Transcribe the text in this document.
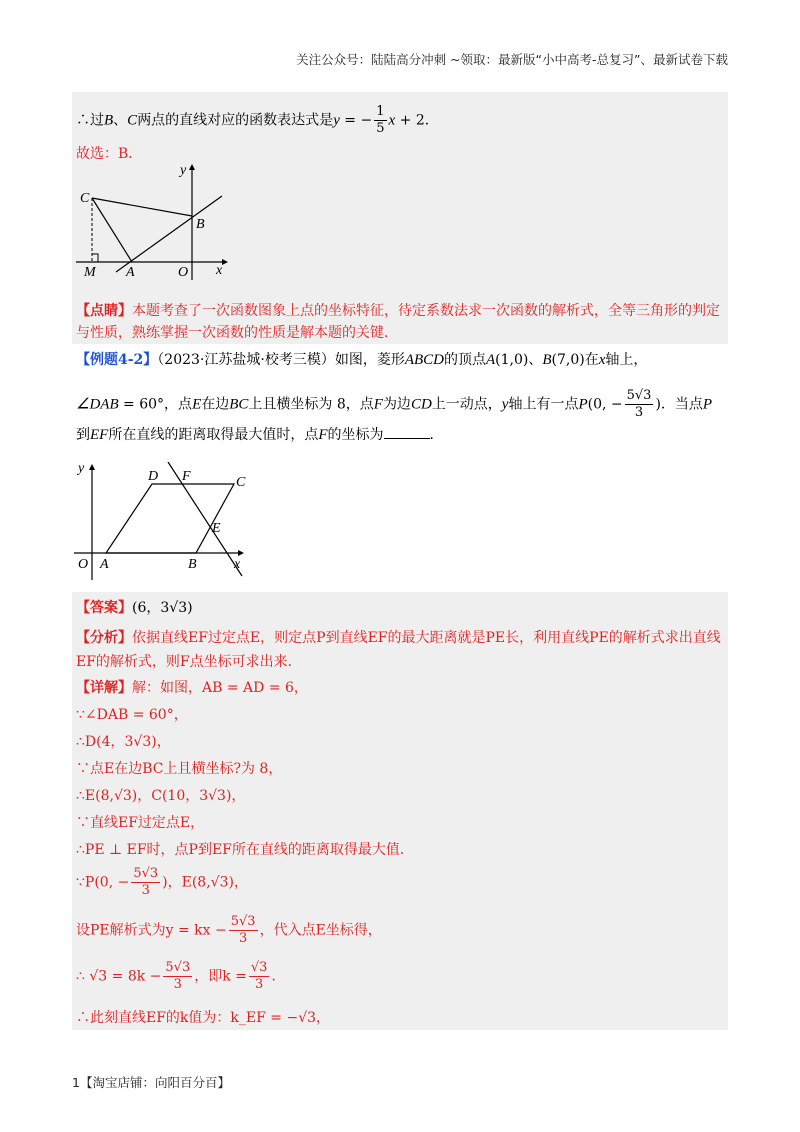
关注公众号：陆陆高分冲刺 ~领取：最新版“小中高考-总复习”、最新试卷下载
∴过B、C两点的直线对应的函数表达式是y = − $\frac{1}{5}$ x + 2．
故选：B．
y
C
B
M A	O x
【点睛】本题考查了一次函数图象上点的坐标特征，待定系数法求一次函数的解析式，全等三角形的判定与性质，熟练掌握一次函数的性质是解本题的关键．
【例题4-2】（2023·江苏盐城·校考三模）如图，菱形ABCD的顶点A(1,0)、B(7,0)在x轴上，
∠DAB = 60°，点E在边BC上且横坐标为 8，点F为边CD上一动点，y轴上有一点P(0, − $\frac{5√3}{3}$ )．当点P
到EF所在直线的距离取得最大值时，点F的坐标为	．
y
D F	C
E
O A	B	x
【答案】(6，3√3)
【分析】依据直线EF过定点E，则定点P到直线EF的最大距离就是PE长，利用直线PE的解析式求出直线EF的解析式，则F点坐标可求出来．
【详解】解：如图，AB = AD = 6，
∵∠DAB = 60°，
∴D(4，3√3)，
∵点E在边BC上且横坐标?为 8，
∴E(8,√3)，C(10，3√3)，
∵直线EF过定点E，
∴PE ⊥ EF时，点P到EF所在直线的距离取得最大值．
∵P(0, − $\frac{5√3}{3}$ )，E(8,√3)，
设PE解析式为y = kx − $\frac{5√3}{3}$ ，代入点E坐标得，
∴ $√3 = 8k - \frac{5√3}{3}$ ，即$k = \frac{√3}{3}$ ．
∴此刻直线EF的k值为：k_EF = −√3，
1【淘宝店铺：向阳百分百】
